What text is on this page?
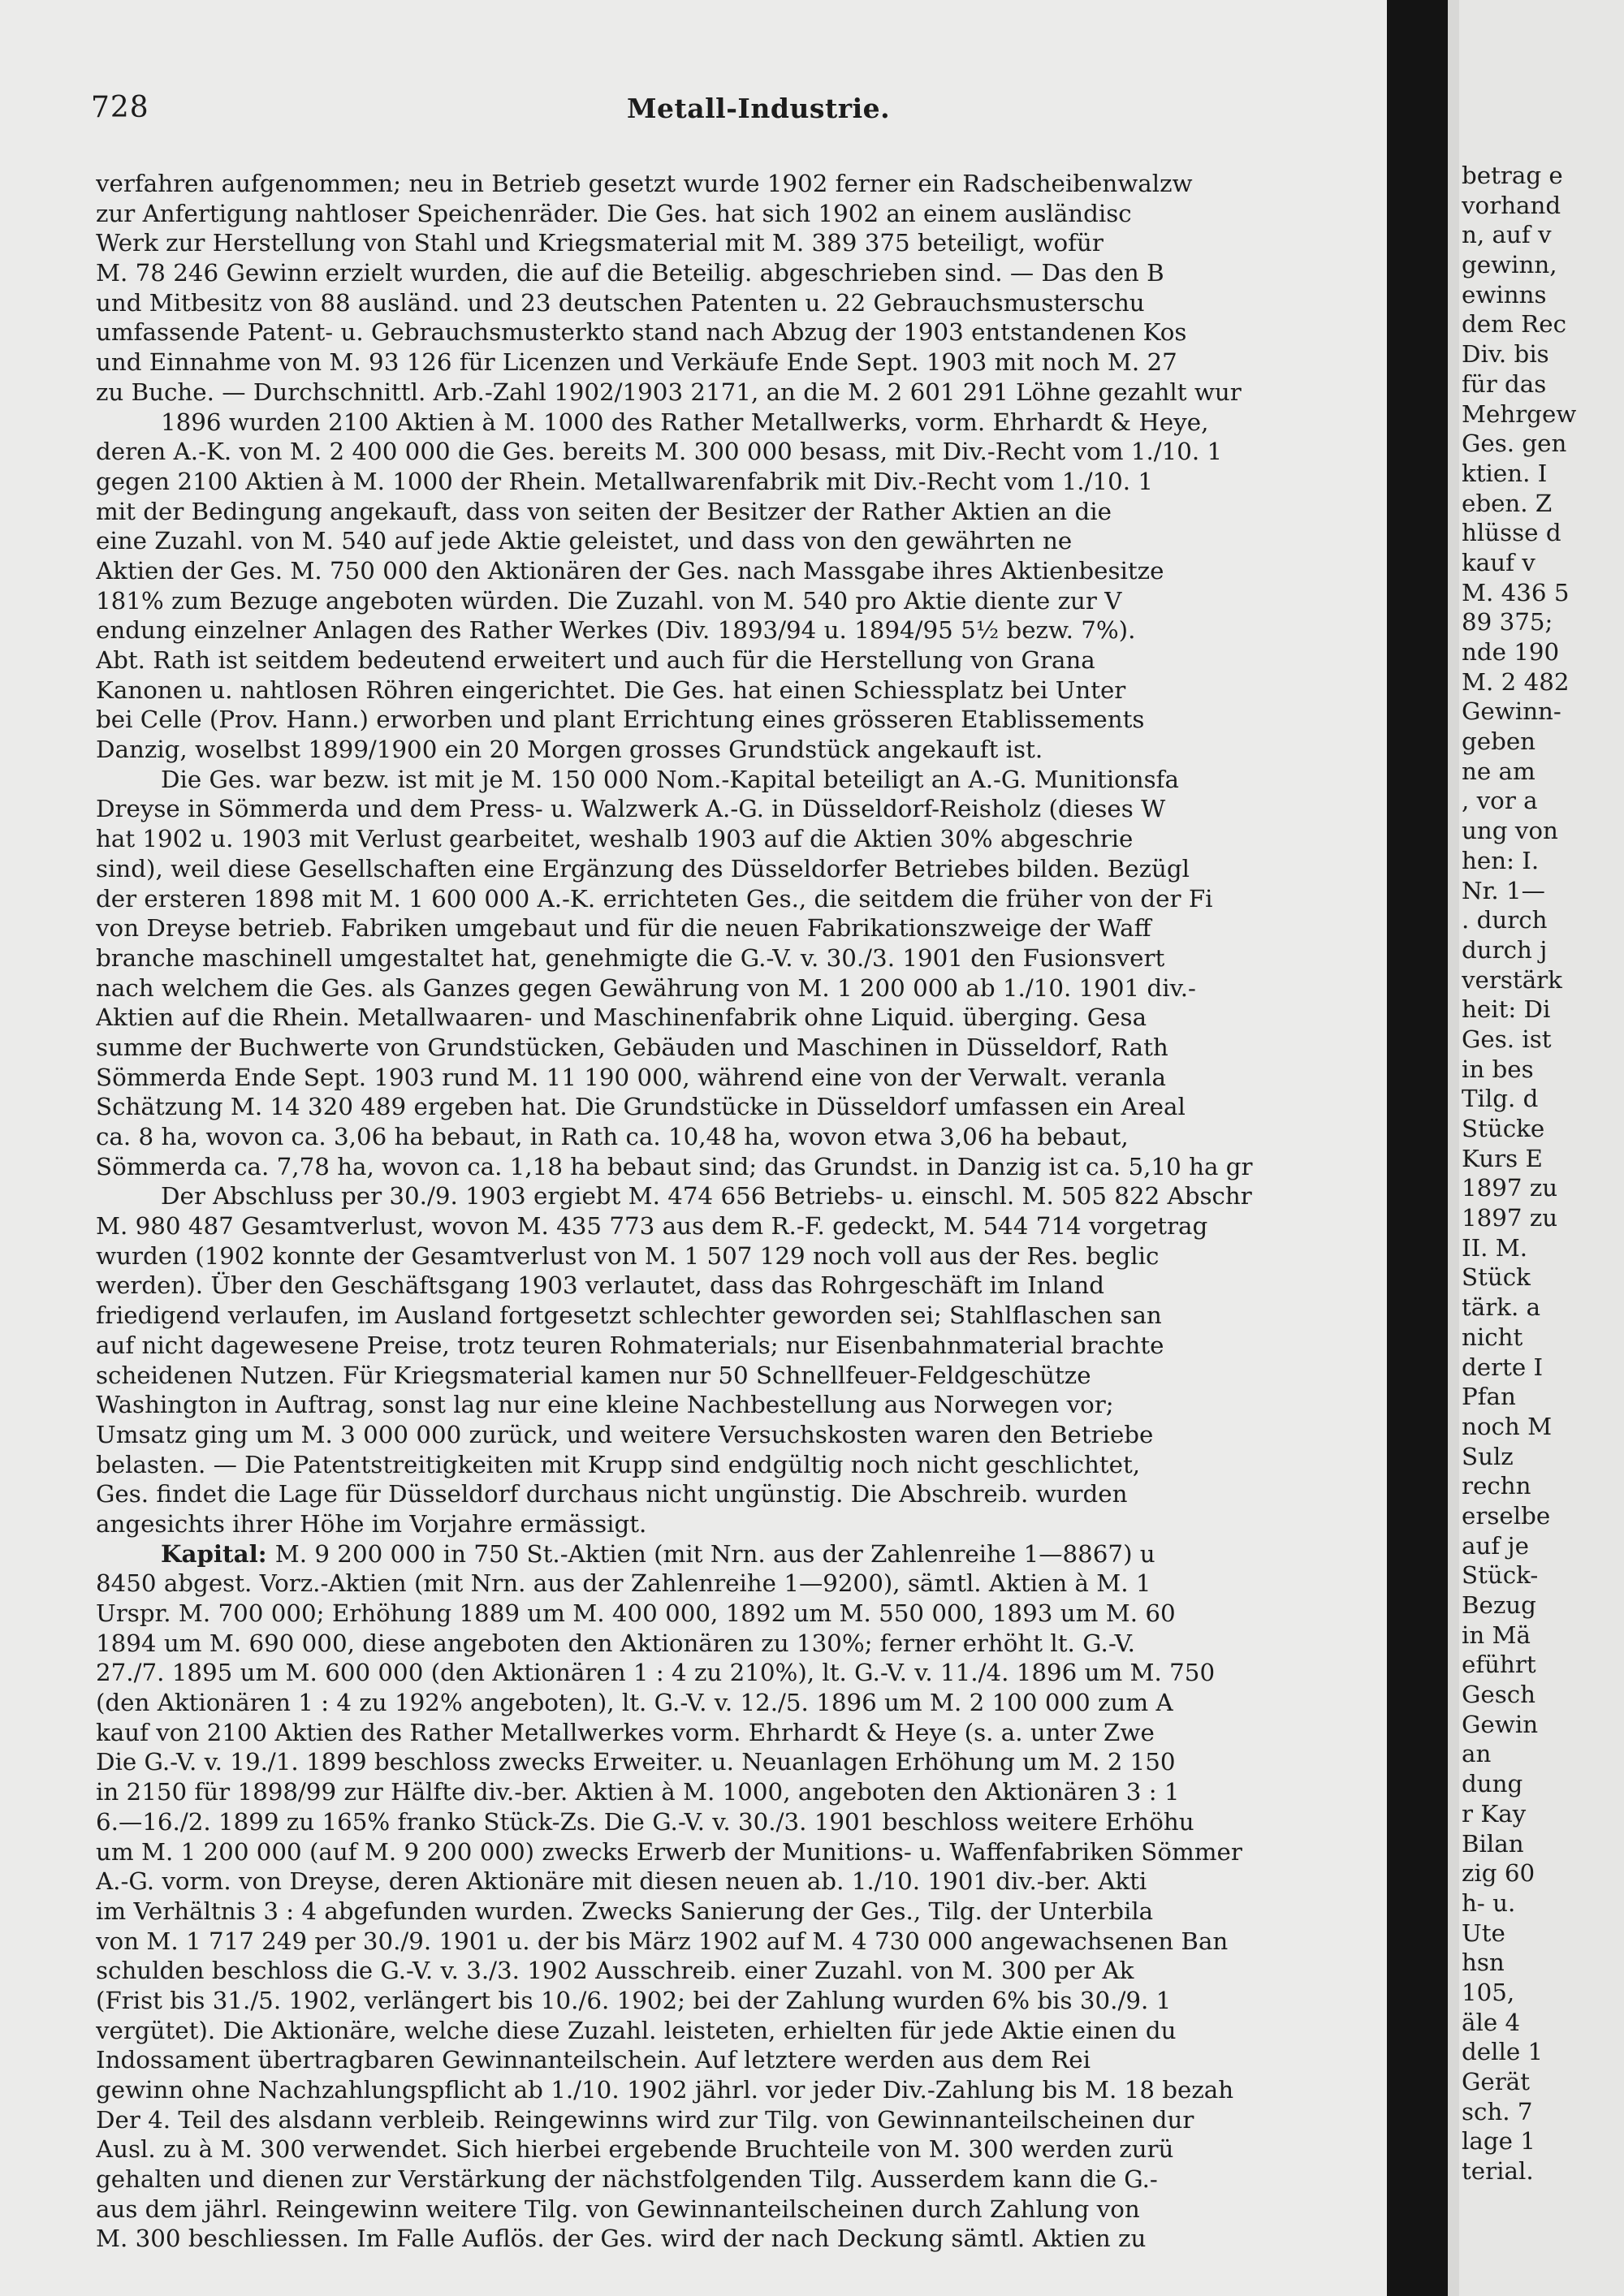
728	Metall-Industrie.
verfahren aufgenommen; neu in Betrieb gesetzt wurde 1902 ferner ein Radscheibenwalzw
zur Anfertigung nahtloser Speichenräder. Die Ges. hat sich 1902 an einem ausländisc
Werk zur Herstellung von Stahl und Kriegsmaterial mit M. 389 375 beteiligt, wofür
M. 78 246 Gewinn erzielt wurden, die auf die Beteilig. abgeschrieben sind. — Das den B
und Mitbesitz von 88 ausländ. und 23 deutschen Patenten u. 22 Gebrauchsmusterschu
umfassende Patent- u. Gebrauchsmusterkto stand nach Abzug der 1903 entstandenen Kos
und Einnahme von M. 93 126 für Licenzen und Verkäufe Ende Sept. 1903 mit noch M. 27
zu Buche. — Durchschnittl. Arb.-Zahl 1902/1903 2171, an die M. 2 601 291 Löhne gezahlt wur
1896 wurden 2100 Aktien à M. 1000 des Rather Metallwerks, vorm. Ehrhardt & Heye,
deren A.-K. von M. 2 400 000 die Ges. bereits M. 300 000 besass, mit Div.-Recht vom 1./10. 1
gegen 2100 Aktien à M. 1000 der Rhein. Metallwarenfabrik mit Div.-Recht vom 1./10. 1
mit der Bedingung angekauft, dass von seiten der Besitzer der Rather Aktien an die
eine Zuzahl. von M. 540 auf jede Aktie geleistet, und dass von den gewährten ne
Aktien der Ges. M. 750 000 den Aktionären der Ges. nach Massgabe ihres Aktienbesitze
181% zum Bezuge angeboten würden. Die Zuzahl. von M. 540 pro Aktie diente zur V
endung einzelner Anlagen des Rather Werkes (Div. 1893/94 u. 1894/95 5½ bezw. 7%).
Abt. Rath ist seitdem bedeutend erweitert und auch für die Herstellung von Grana
Kanonen u. nahtlosen Röhren eingerichtet. Die Ges. hat einen Schiessplatz bei Unter
bei Celle (Prov. Hann.) erworben und plant Errichtung eines grösseren Etablissements
Danzig, woselbst 1899/1900 ein 20 Morgen grosses Grundstück angekauft ist.
Die Ges. war bezw. ist mit je M. 150 000 Nom.-Kapital beteiligt an A.-G. Munitionsfa
Dreyse in Sömmerda und dem Press- u. Walzwerk A.-G. in Düsseldorf-Reisholz (dieses W
hat 1902 u. 1903 mit Verlust gearbeitet, weshalb 1903 auf die Aktien 30% abgeschrie
sind), weil diese Gesellschaften eine Ergänzung des Düsseldorfer Betriebes bilden. Bezügl
der ersteren 1898 mit M. 1 600 000 A.-K. errichteten Ges., die seitdem die früher von der Fi
von Dreyse betrieb. Fabriken umgebaut und für die neuen Fabrikationszweige der Waff
branche maschinell umgestaltet hat, genehmigte die G.-V. v. 30./3. 1901 den Fusionsvert
nach welchem die Ges. als Ganzes gegen Gewährung von M. 1 200 000 ab 1./10. 1901 div.-
Aktien auf die Rhein. Metallwaaren- und Maschinenfabrik ohne Liquid. überging. Gesa
summe der Buchwerte von Grundstücken, Gebäuden und Maschinen in Düsseldorf, Rath
Sömmerda Ende Sept. 1903 rund M. 11 190 000, während eine von der Verwalt. veranla
Schätzung M. 14 320 489 ergeben hat. Die Grundstücke in Düsseldorf umfassen ein Areal
ca. 8 ha, wovon ca. 3,06 ha bebaut, in Rath ca. 10,48 ha, wovon etwa 3,06 ha bebaut,
Sömmerda ca. 7,78 ha, wovon ca. 1,18 ha bebaut sind; das Grundst. in Danzig ist ca. 5,10 ha gr
Der Abschluss per 30./9. 1903 ergiebt M. 474 656 Betriebs- u. einschl. M. 505 822 Abschr
M. 980 487 Gesamtverlust, wovon M. 435 773 aus dem R.-F. gedeckt, M. 544 714 vorgetrag
wurden (1902 konnte der Gesamtverlust von M. 1 507 129 noch voll aus der Res. beglic
werden). Über den Geschäftsgang 1903 verlautet, dass das Rohrgeschäft im Inland
friedigend verlaufen, im Ausland fortgesetzt schlechter geworden sei; Stahlflaschen san
auf nicht dagewesene Preise, trotz teuren Rohmaterials; nur Eisenbahnmaterial brachte
scheidenen Nutzen. Für Kriegsmaterial kamen nur 50 Schnellfeuer-Feldgeschütze
Washington in Auftrag, sonst lag nur eine kleine Nachbestellung aus Norwegen vor;
Umsatz ging um M. 3 000 000 zurück, und weitere Versuchskosten waren den Betriebe
belasten. — Die Patentstreitigkeiten mit Krupp sind endgültig noch nicht geschlichtet,
Ges. findet die Lage für Düsseldorf durchaus nicht ungünstig. Die Abschreib. wurden
angesichts ihrer Höhe im Vorjahre ermässigt.
Kapital: M. 9 200 000 in 750 St.-Aktien (mit Nrn. aus der Zahlenreihe 1—8867) u
8450 abgest. Vorz.-Aktien (mit Nrn. aus der Zahlenreihe 1—9200), sämtl. Aktien à M. 1
Urspr. M. 700 000; Erhöhung 1889 um M. 400 000, 1892 um M. 550 000, 1893 um M. 60
1894 um M. 690 000, diese angeboten den Aktionären zu 130%; ferner erhöht lt. G.-V.
27./7. 1895 um M. 600 000 (den Aktionären 1 : 4 zu 210%), lt. G.-V. v. 11./4. 1896 um M. 750
(den Aktionären 1 : 4 zu 192% angeboten), lt. G.-V. v. 12./5. 1896 um M. 2 100 000 zum A
kauf von 2100 Aktien des Rather Metallwerkes vorm. Ehrhardt & Heye (s. a. unter Zwe
Die G.-V. v. 19./1. 1899 beschloss zwecks Erweiter. u. Neuanlagen Erhöhung um M. 2 150
in 2150 für 1898/99 zur Hälfte div.-ber. Aktien à M. 1000, angeboten den Aktionären 3 : 1
6.—16./2. 1899 zu 165% franko Stück-Zs. Die G.-V. v. 30./3. 1901 beschloss weitere Erhöhu
um M. 1 200 000 (auf M. 9 200 000) zwecks Erwerb der Munitions- u. Waffenfabriken Sömmer
A.-G. vorm. von Dreyse, deren Aktionäre mit diesen neuen ab. 1./10. 1901 div.-ber. Akti
im Verhältnis 3 : 4 abgefunden wurden. Zwecks Sanierung der Ges., Tilg. der Unterbila
von M. 1 717 249 per 30./9. 1901 u. der bis März 1902 auf M. 4 730 000 angewachsenen Ban
schulden beschloss die G.-V. v. 3./3. 1902 Ausschreib. einer Zuzahl. von M. 300 per Ak
(Frist bis 31./5. 1902, verlängert bis 10./6. 1902; bei der Zahlung wurden 6% bis 30./9. 1
vergütet). Die Aktionäre, welche diese Zuzahl. leisteten, erhielten für jede Aktie einen du
Indossament übertragbaren Gewinnanteilschein. Auf letztere werden aus dem Rei
gewinn ohne Nachzahlungspflicht ab 1./10. 1902 jährl. vor jeder Div.-Zahlung bis M. 18 bezah
Der 4. Teil des alsdann verbleib. Reingewinns wird zur Tilg. von Gewinnanteilscheinen dur
Ausl. zu à M. 300 verwendet. Sich hierbei ergebende Bruchteile von M. 300 werden zurü
gehalten und dienen zur Verstärkung der nächstfolgenden Tilg. Ausserdem kann die G.-
aus dem jährl. Reingewinn weitere Tilg. von Gewinnanteilscheinen durch Zahlung von
M. 300 beschliessen. Im Falle Auflös. der Ges. wird der nach Deckung sämtl. Aktien zu
betrag e
vorhand
n, auf v
gewinn,
ewinns
dem Rec
Div. bis
für das
Mehrgew
Ges. gen
ktien. I
eben. Z
hlüsse d
kauf v
M. 436 5
89 375;
nde 190
M. 2 482
Gewinn-
geben
ne am
, vor a
ung von
hen: I.
Nr. 1—
. durch
durch j
verstärk
heit: Di
Ges. ist
in bes
Tilg. d
Stücke
Kurs E
1897 zu
1897 zu
II. M.
Stück
tärk. a
nicht
derte I
Pfan
noch M
Sulz
rechn
erselbe
auf je
Stück-
Bezug
in Mä
eführt
Gesch
Gewin
an
dung
r Kay
Bilan
zig 60
h- u.
Ute
hsn
105,
äle 4
delle 1
Gerät
sch. 7
lage 1
terial.
